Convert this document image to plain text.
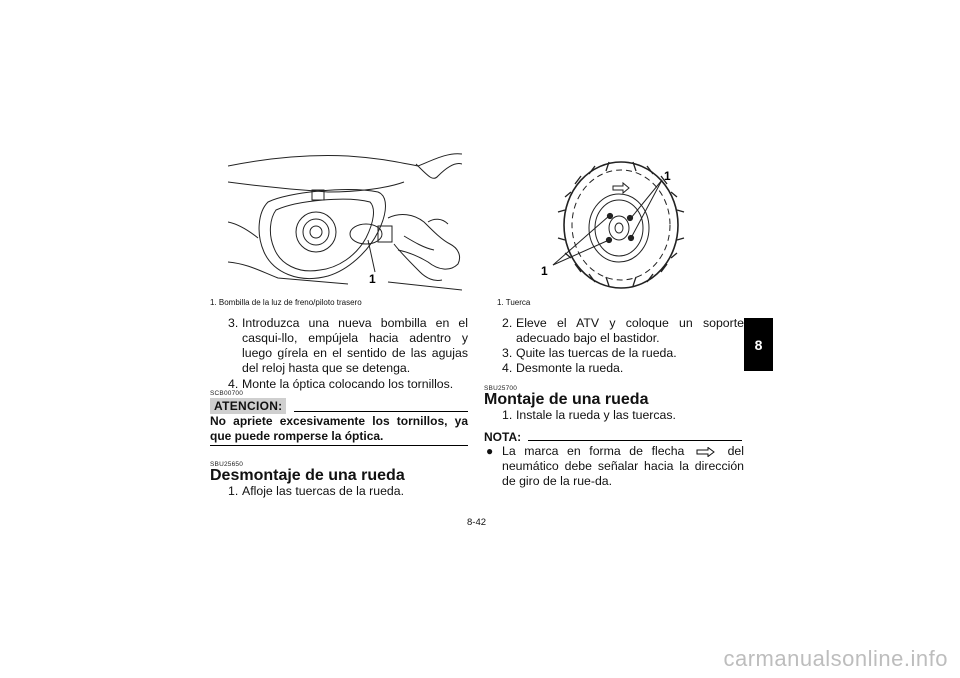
1
1. Bombilla de la luz de freno/piloto trasero
1
1
1. Tuerca
3. Introduzca una nueva bombilla en el casqui-llo, empújela hacia adentro y luego gírela en el sentido de las agujas del reloj hasta que se detenga.
4. Monte la óptica colocando los tornillos.
SCB00700
ATENCION:
No apriete excesivamente los tornillos, ya que puede romperse la óptica.
SBU25650
Desmontaje de una rueda
1. Afloje las tuercas de la rueda.
2. Eleve el ATV y coloque un soporte adecuado bajo el bastidor.
3. Quite las tuercas de la rueda.
4. Desmonte la rueda.
SBU25700
Montaje de una rueda
1. Instale la rueda y las tuercas.
NOTA:
● La marca en forma de flecha	del neumático debe señalar hacia la dirección de giro de la rue-da.
8
8-42
carmanualsonline.info
